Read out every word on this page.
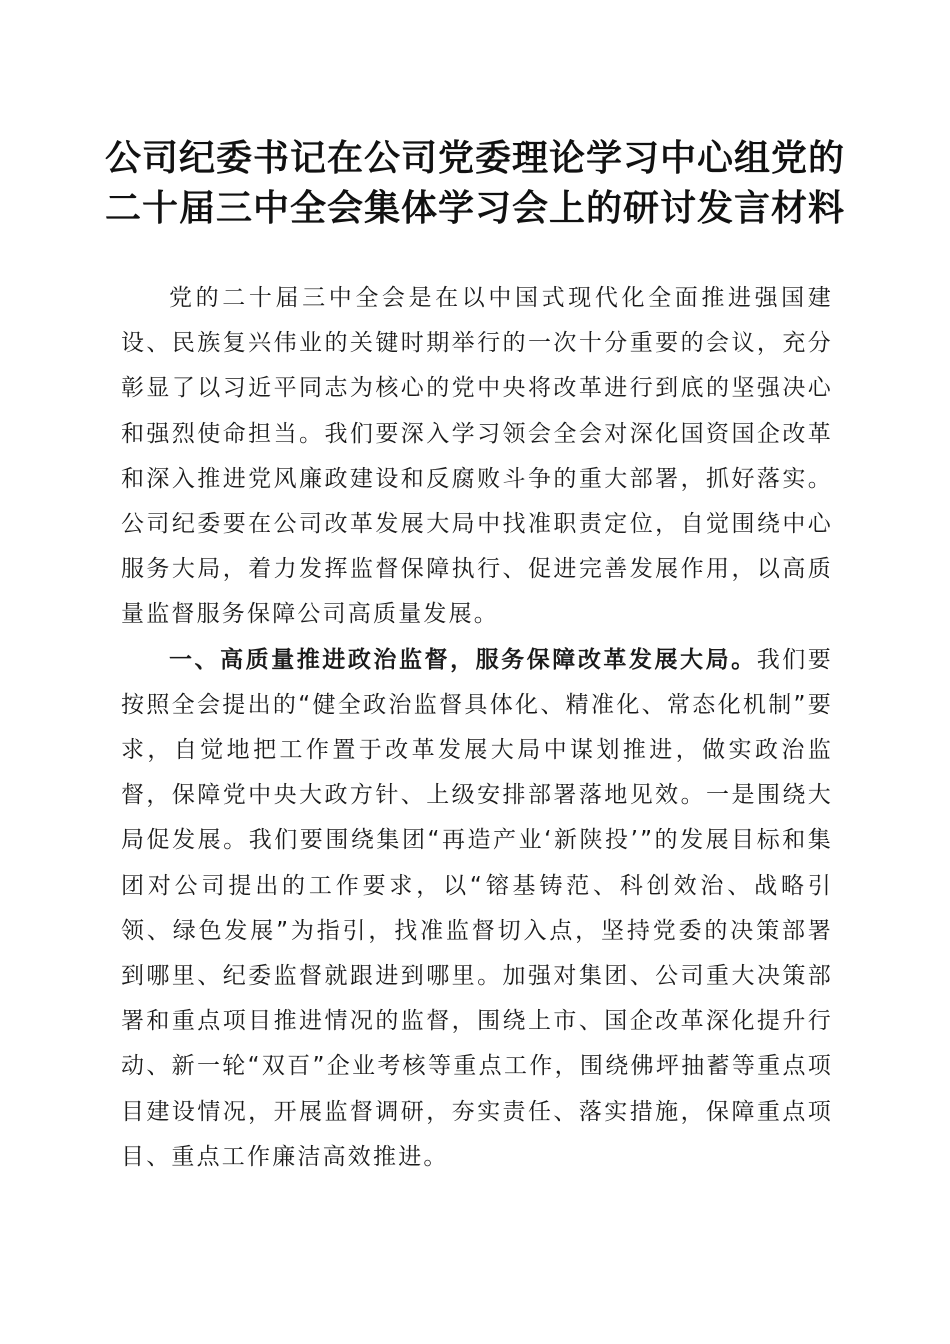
公司纪委书记在公司党委理论学习中心组党的
二十届三中全会集体学习会上的研讨发言材料

党的二十届三中全会是在以中国式现代化全面推进强国建设、民族复兴伟业的关键时期举行的一次十分重要的会议，充分彰显了以习近平同志为核心的党中央将改革进行到底的坚强决心和强烈使命担当。我们要深入学习领会全会对深化国资国企改革和深入推进党风廉政建设和反腐败斗争的重大部署，抓好落实。公司纪委要在公司改革发展大局中找准职责定位，自觉围绕中心服务大局，着力发挥监督保障执行、促进完善发展作用，以高质量监督服务保障公司高质量发展。

一、高质量推进政治监督，服务保障改革发展大局。我们要按照全会提出的“健全政治监督具体化、精准化、常态化机制”要求，自觉地把工作置于改革发展大局中谋划推进，做实政治监督，保障党中央大政方针、上级安排部署落地见效。一是围绕大局促发展。我们要围绕集团“再造产业‘新陕投’”的发展目标和集团对公司提出的工作要求，以“镕基铸范、科创效治、战略引领、绿色发展”为指引，找准监督切入点，坚持党委的决策部署到哪里、纪委监督就跟进到哪里。加强对集团、公司重大决策部署和重点项目推进情况的监督，围绕上市、国企改革深化提升行动、新一轮“双百”企业考核等重点工作，围绕佛坪抽蓄等重点项目建设情况，开展监督调研，夯实责任、落实措施，保障重点项目、重点工作廉洁高效推进。
